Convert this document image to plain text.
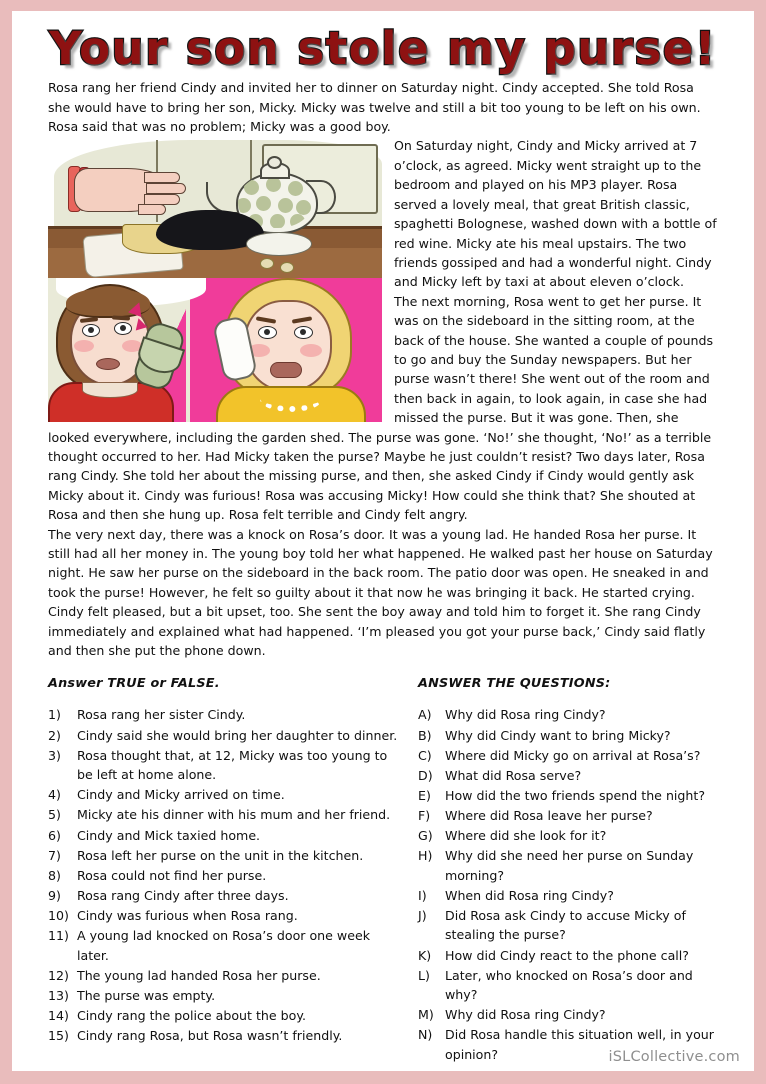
Your son stole my purse!

Rosa rang her friend Cindy and invited her to dinner on Saturday night. Cindy accepted. She told Rosa she would have to bring her son, Micky. Micky was twelve and still a bit too young to be left on his own. Rosa said that was no problem; Micky was a good boy.

On Saturday night, Cindy and Micky arrived at 7 o’clock, as agreed. Micky went straight up to the bedroom and played on his MP3 player. Rosa served a lovely meal, that great British classic, spaghetti Bolognese, washed down with a bottle of red wine. Micky ate his meal upstairs. The two friends gossiped and had a wonderful night. Cindy and Micky left by taxi at about eleven o’clock.

The next morning, Rosa went to get her purse. It was on the sideboard in the sitting room, at the back of the house. She wanted a couple of pounds to go and buy the Sunday newspapers. But her purse wasn’t there! She went out of the room and then back in again, to look again, in case she had missed the purse. But it was gone. Then, she looked everywhere, including the garden shed. The purse was gone. ‘No!’ she thought, ‘No!’ as a terrible thought occurred to her. Had Micky taken the purse? Maybe he just couldn’t resist? Two days later, Rosa rang Cindy. She told her about the missing purse, and then, she asked Cindy if Cindy would gently ask Micky about it. Cindy was furious! Rosa was accusing Micky! How could she think that? She shouted at Rosa and then she hung up. Rosa felt terrible and Cindy felt angry.

The very next day, there was a knock on Rosa’s door. It was a young lad. He handed Rosa her purse. It still had all her money in. The young boy told her what happened. He walked past her house on Saturday night. He saw her purse on the sideboard in the back room. The patio door was open. He sneaked in and took the purse! However, he felt so guilty about it that now he was bringing it back. He started crying. Cindy felt pleased, but a bit upset, too. She sent the boy away and told him to forget it. She rang Cindy immediately and explained what had happened. ‘I’m pleased you got your purse back,’ Cindy said flatly and then she put the phone down.

Answer TRUE or FALSE.
1)	Rosa rang her sister Cindy.
2)	Cindy said she would bring her daughter to dinner.
3)	Rosa thought that, at 12, Micky was too young to be left at home alone.
4)	Cindy and Micky arrived on time.
5)	Micky ate his dinner with his mum and her friend.
6)	Cindy and Mick taxied home.
7)	Rosa left her purse on the unit in the kitchen.
8)	Rosa could not find her purse.
9)	Rosa rang Cindy after three days.
10) Cindy was furious when Rosa rang.
11) A young lad knocked on Rosa’s door one week later.
12) The young lad handed Rosa her purse.
13) The purse was empty.
14) Cindy rang the police about the boy.
15) Cindy rang Rosa, but Rosa wasn’t friendly.
ANSWER THE QUESTIONS:
A)	Why did Rosa ring Cindy?
B)	Why did Cindy want to bring Micky?
C)	Where did Micky go on arrival at Rosa’s?
D) What did Rosa serve?
E)	How did the two friends spend the night?
F)	Where did Rosa leave her purse?
G) Where did she look for it?
H)	Why did she need her purse on Sunday morning?
I)	When did Rosa ring Cindy?
J)	Did Rosa ask Cindy to accuse Micky of stealing the purse?
K)	How did Cindy react to the phone call?
L)	Later, who knocked on Rosa’s door and why?
M) Why did Rosa ring Cindy?
N)	Did Rosa handle this situation well, in your opinion?	iSLCollective.com
